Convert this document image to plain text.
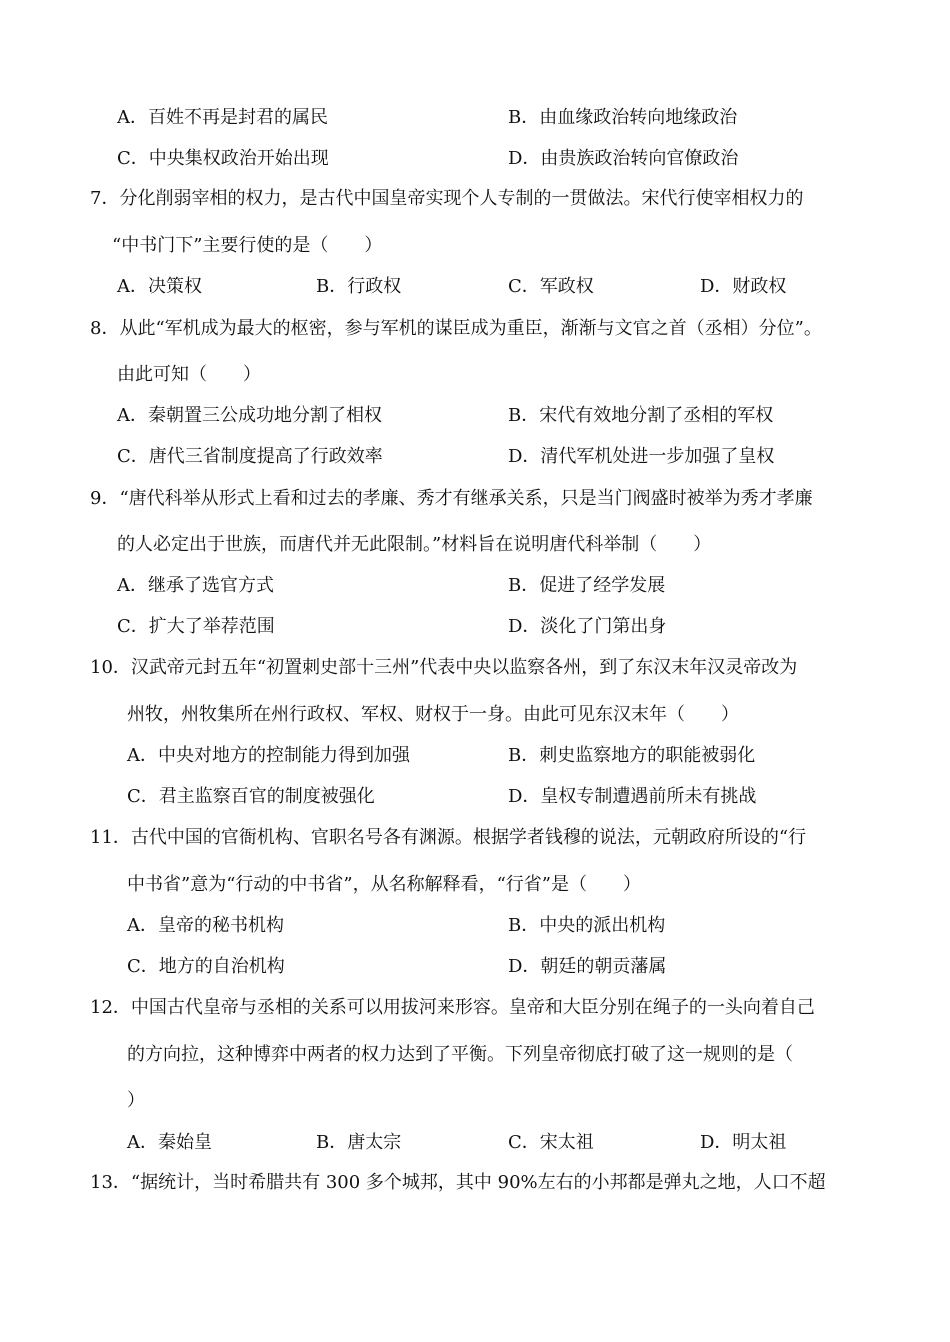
A．百姓不再是封君的属民	B．由血缘政治转向地缘政治
C．中央集权政治开始出现	D．由贵族政治转向官僚政治
7．分化削弱宰相的权力，是古代中国皇帝实现个人专制的一贯做法。宋代行使宰相权力的
“中书门下”主要行使的是（　　）
A．决策权	B．行政权	C．军政权	D．财政权
8．从此“军机成为最大的枢密，参与军机的谋臣成为重臣，渐渐与文官之首（丞相）分位”。
由此可知（　　）
A．秦朝置三公成功地分割了相权	B．宋代有效地分割了丞相的军权
C．唐代三省制度提高了行政效率	D．清代军机处进一步加强了皇权
9．“唐代科举从形式上看和过去的孝廉、秀才有继承关系，只是当门阀盛时被举为秀才孝廉
的人必定出于世族，而唐代并无此限制。”材料旨在说明唐代科举制（　　）
A．继承了选官方式	B．促进了经学发展
C．扩大了举荐范围	D．淡化了门第出身
10．汉武帝元封五年“初置刺史部十三州”代表中央以监察各州，到了东汉末年汉灵帝改为
州牧，州牧集所在州行政权、军权、财权于一身。由此可见东汉末年（　　）
A．中央对地方的控制能力得到加强	B．刺史监察地方的职能被弱化
C．君主监察百官的制度被强化	D．皇权专制遭遇前所未有挑战
11．古代中国的官衙机构、官职名号各有渊源。根据学者钱穆的说法，元朝政府所设的“行
中书省”意为“行动的中书省”，从名称解释看，“行省”是（　　）
A．皇帝的秘书机构	B．中央的派出机构
C．地方的自治机构	D．朝廷的朝贡藩属
12．中国古代皇帝与丞相的关系可以用拔河来形容。皇帝和大臣分别在绳子的一头向着自己
的方向拉，这种博弈中两者的权力达到了平衡。下列皇帝彻底打破了这一规则的是（
）
A．秦始皇	B．唐太宗	C．宋太祖	D．明太祖
13．“据统计，当时希腊共有 300 多个城邦，其中 90%左右的小邦都是弹丸之地，人口不超
